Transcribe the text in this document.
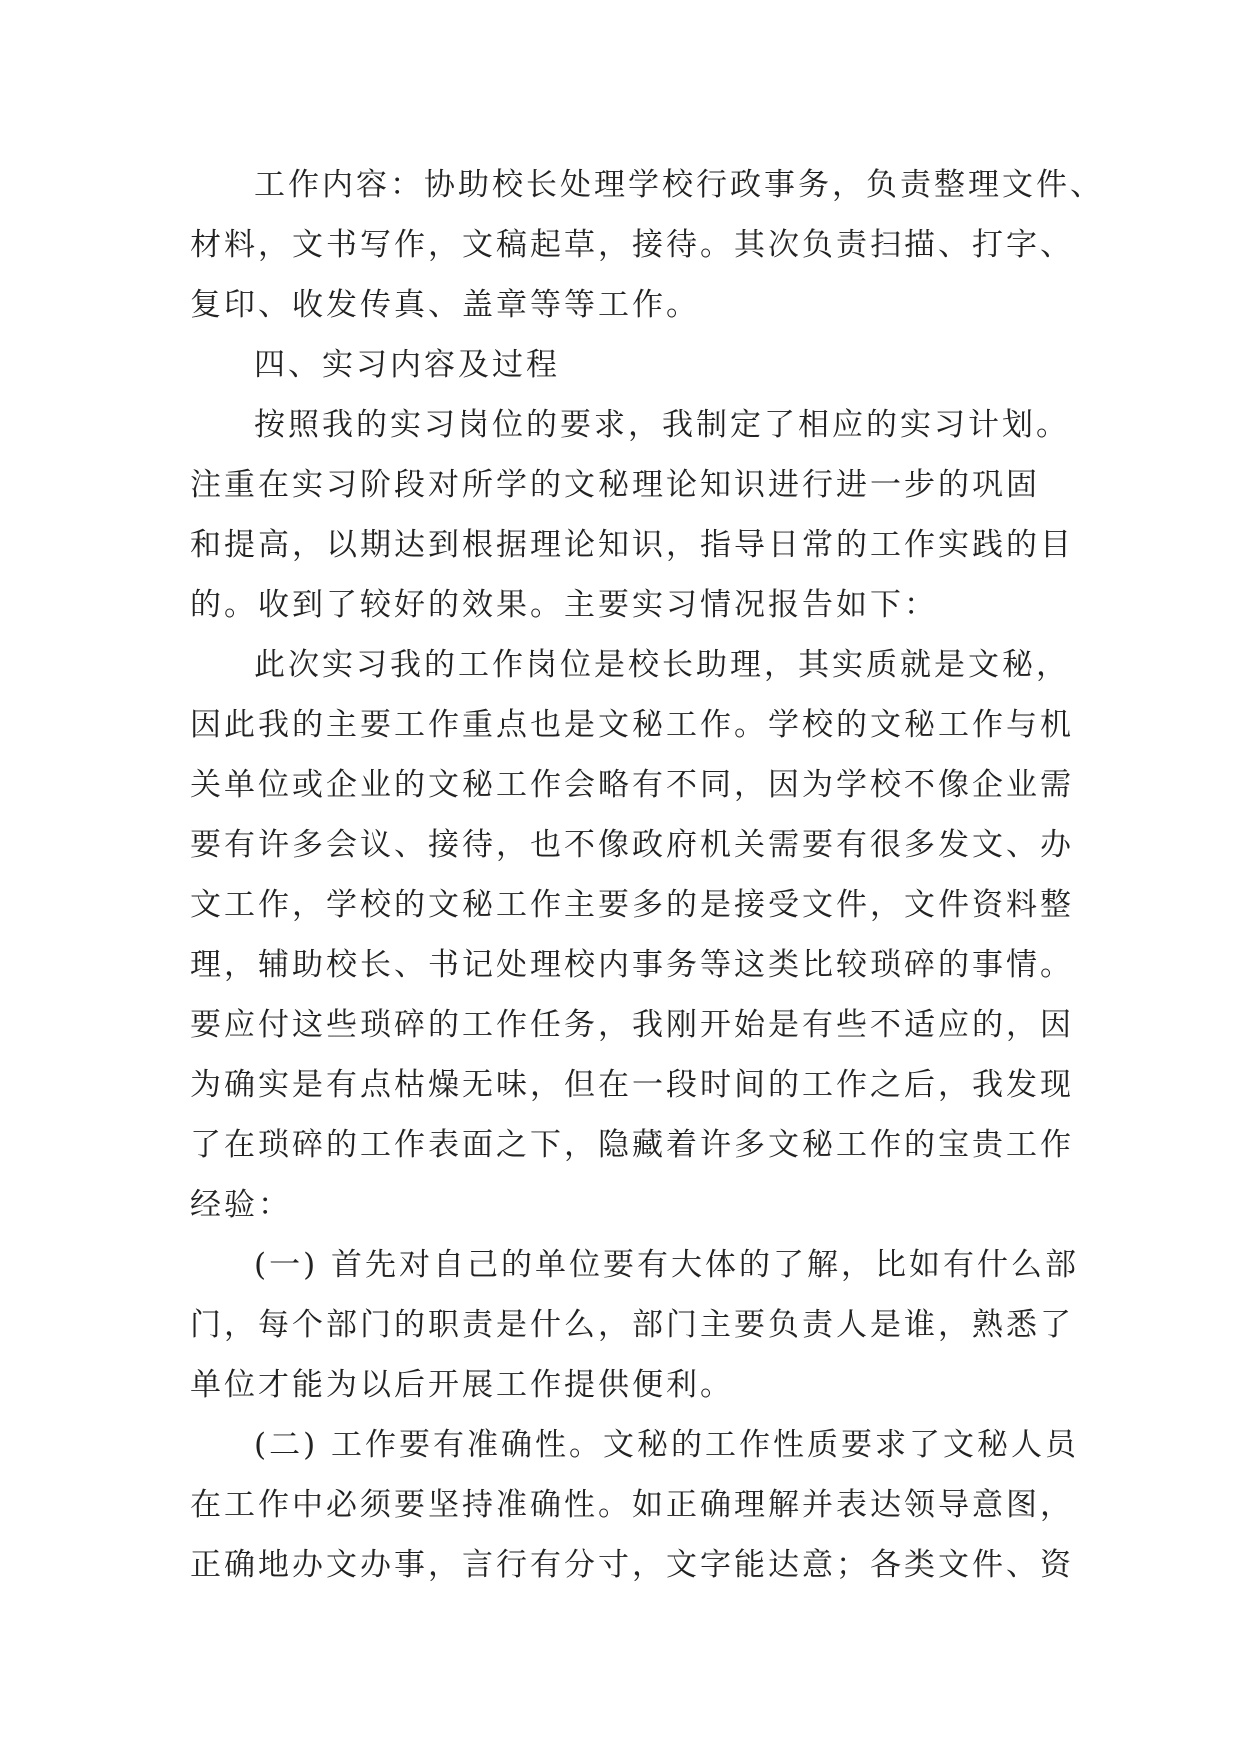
工作内容：协助校长处理学校行政事务，负责整理文件、
材料，文书写作，文稿起草，接待。其次负责扫描、打字、
复印、收发传真、盖章等等工作。
四、实习内容及过程
按照我的实习岗位的要求，我制定了相应的实习计划。
注重在实习阶段对所学的文秘理论知识进行进一步的巩固
和提高，以期达到根据理论知识，指导日常的工作实践的目
的。收到了较好的效果。主要实习情况报告如下：
此次实习我的工作岗位是校长助理，其实质就是文秘，
因此我的主要工作重点也是文秘工作。学校的文秘工作与机
关单位或企业的文秘工作会略有不同，因为学校不像企业需
要有许多会议、接待，也不像政府机关需要有很多发文、办
文工作，学校的文秘工作主要多的是接受文件，文件资料整
理，辅助校长、书记处理校内事务等这类比较琐碎的事情。
要应付这些琐碎的工作任务，我刚开始是有些不适应的，因
为确实是有点枯燥无味，但在一段时间的工作之后，我发现
了在琐碎的工作表面之下，隐藏着许多文秘工作的宝贵工作
经验：
(一) 首先对自己的单位要有大体的了解，比如有什么部
门，每个部门的职责是什么，部门主要负责人是谁，熟悉了
单位才能为以后开展工作提供便利。
(二) 工作要有准确性。文秘的工作性质要求了文秘人员
在工作中必须要坚持准确性。如正确理解并表达领导意图，
正确地办文办事，言行有分寸，文字能达意；各类文件、资
